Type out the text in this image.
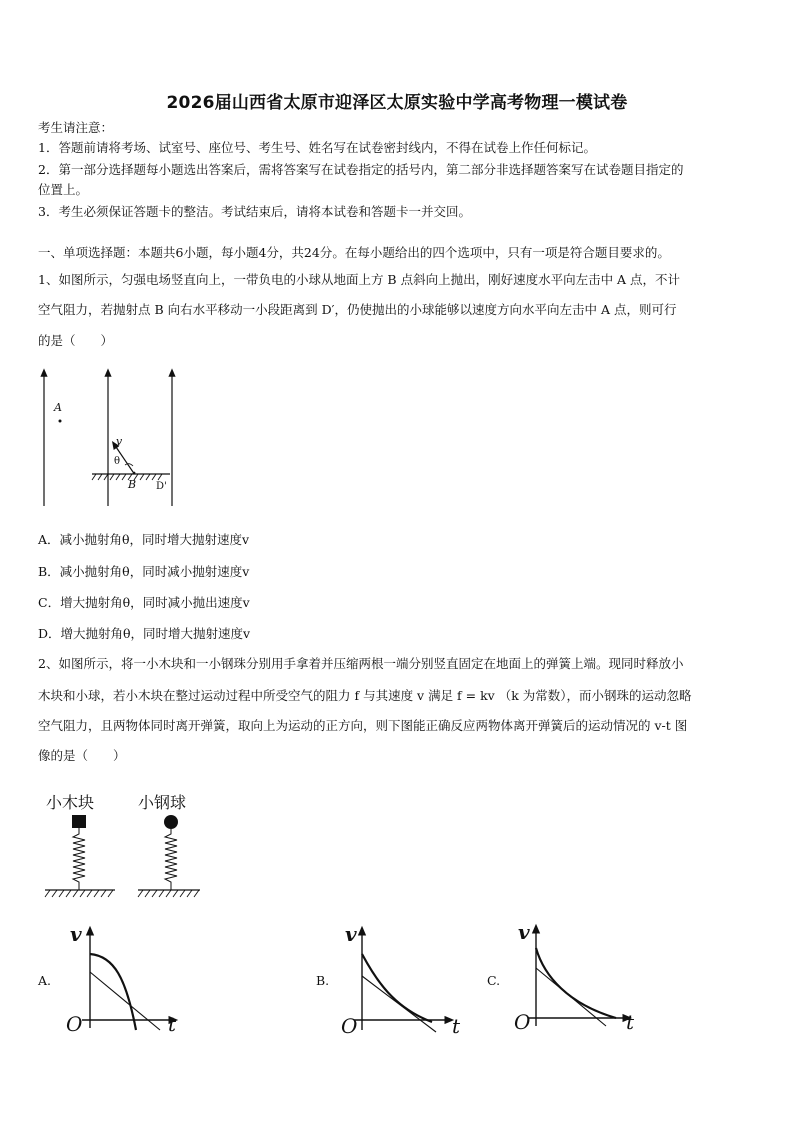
2026届山西省太原市迎泽区太原实验中学高考物理一模试卷
考生请注意：
1．答题前请将考场、试室号、座位号、考生号、姓名写在试卷密封线内，不得在试卷上作任何标记。
2．第一部分选择题每小题选出答案后，需将答案写在试卷指定的括号内，第二部分非选择题答案写在试卷题目指定的
位置上。
3．考生必须保证答题卡的整洁。考试结束后，请将本试卷和答题卡一并交回。
一、单项选择题：本题共6小题，每小题4分，共24分。在每小题给出的四个选项中，只有一项是符合题目要求的。
1、如图所示，匀强电场竖直向上，一带负电的小球从地面上方 B 点斜向上抛出，刚好速度水平向左击中 A 点，不计
空气阻力，若抛射点 B 向右水平移动一小段距离到 D′，仍使抛出的小球能够以速度方向水平向左击中 A 点，则可行
的是（　　）
A
v
θ
B D'
A．减小抛射角θ，同时增大抛射速度v
B．减小抛射角θ，同时减小抛射速度v
C．增大抛射角θ，同时减小抛出速度v
D．增大抛射角θ，同时增大抛射速度v
2、如图所示，将一小木块和一小钢珠分别用手拿着并压缩两根一端分别竖直固定在地面上的弹簧上端。现同时释放小
木块和小球，若小木块在整过运动过程中所受空气的阻力 f 与其速度 v 满足 f = kv （k 为常数），而小钢珠的运动忽略
空气阻力，且两物体同时离开弹簧，取向上为运动的正方向，则下图能正确反应两物体离开弹簧后的运动情况的 v-t 图
像的是（　　）
小木块	小钢球
A.
v
O	t
B.
v
O	t
C.
v
O	t
